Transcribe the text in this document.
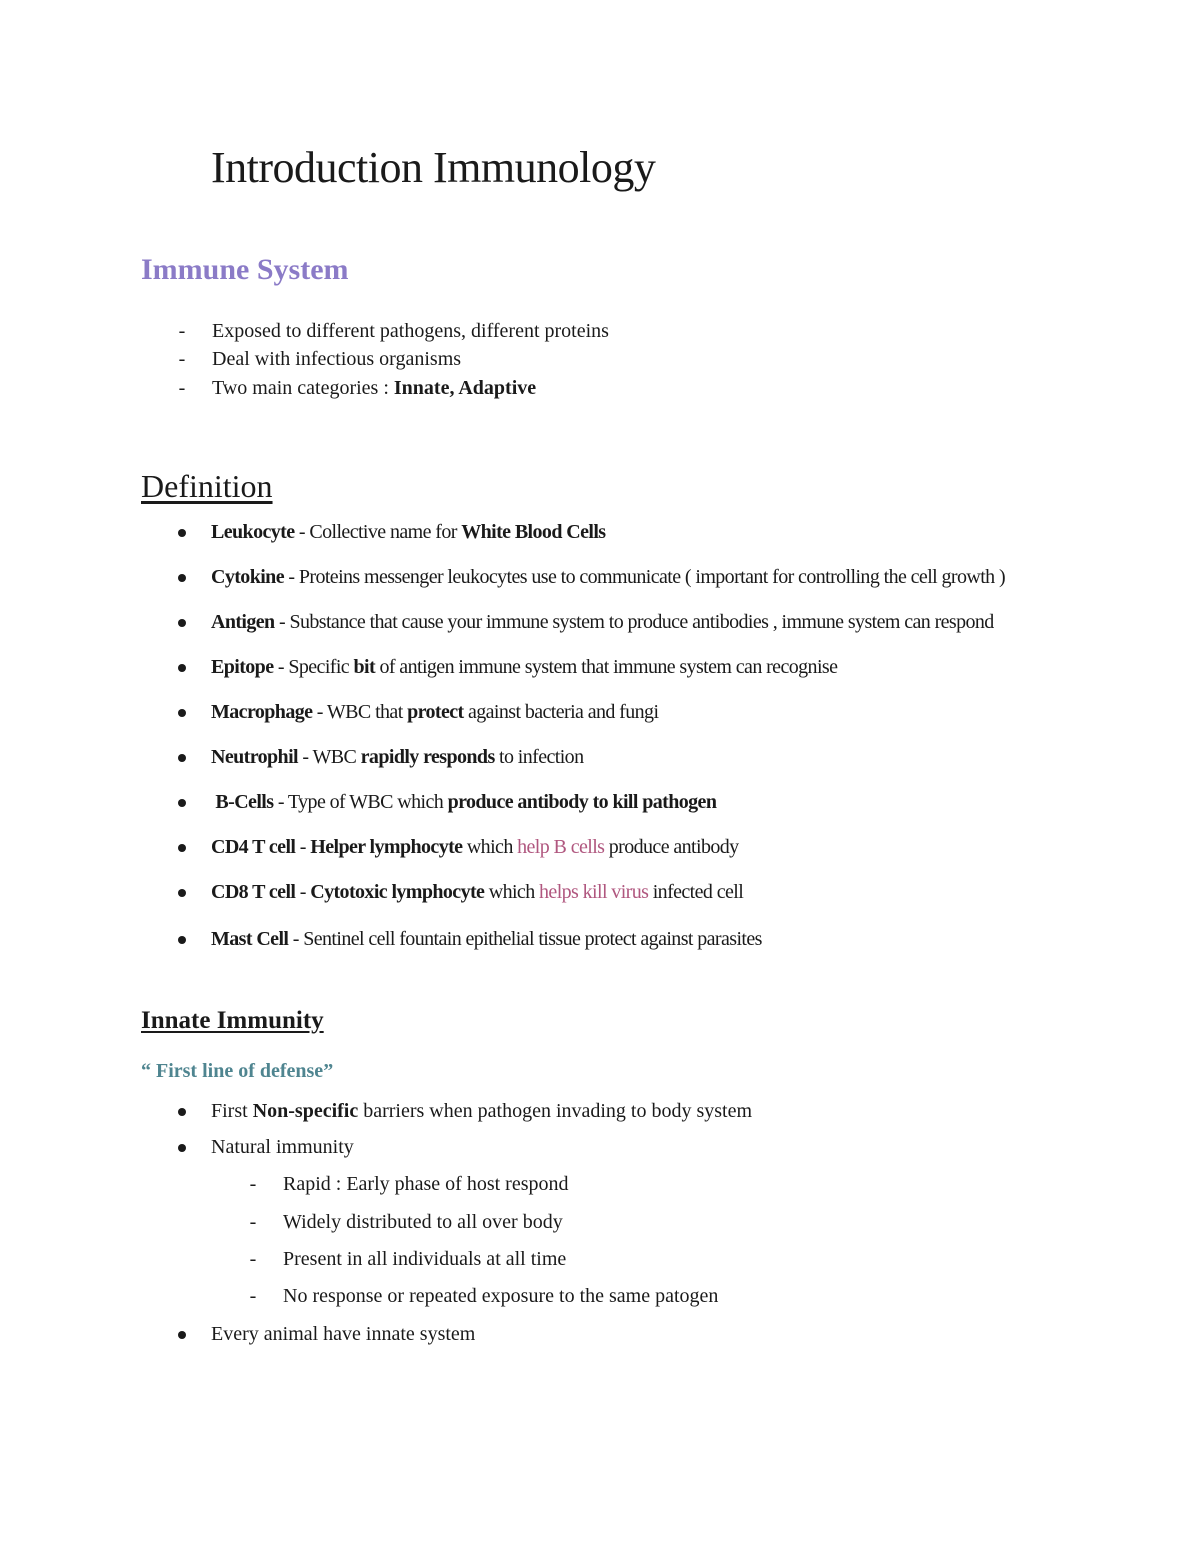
Introduction Immunology
Immune System
-	Exposed to different pathogens, different proteins
-	Deal with infectious organisms
-	Two main categories : Innate, Adaptive
Definition
Leukocyte - Collective name for White Blood Cells
Cytokine - Proteins messenger leukocytes use to communicate ( important for controlling the cell growth )
Antigen - Substance that cause your immune system to produce antibodies , immune system can respond
Epitope - Specific bit of antigen immune system that immune system can recognise
Macrophage - WBC that protect against bacteria and fungi
Neutrophil - WBC rapidly responds to infection
B-Cells - Type of WBC which produce antibody to kill pathogen
CD4 T cell - Helper lymphocyte which help B cells produce antibody
CD8 T cell - Cytotoxic lymphocyte which helps kill virus infected cell
Mast Cell - Sentinel cell fountain epithelial tissue protect against parasites
Innate Immunity

“ First line of defense”

First Non-specific barriers when pathogen invading to body system
Natural immunity
Every animal have innate system
-	Rapid : Early phase of host respond
-	Widely distributed to all over body
-	Present in all individuals at all time
-	No response or repeated exposure to the same patogen
